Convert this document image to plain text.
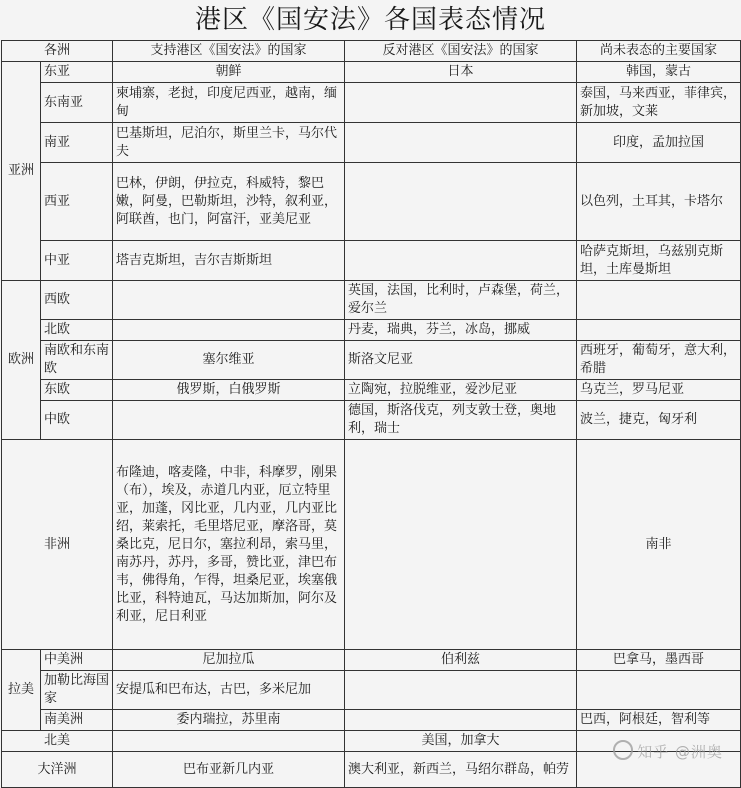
港区《国安法》各国表态情况
各洲		支持港区《国安法》的国家	反对港区《国安法》的国家	尚未表态的主要国家
亚洲	东亚	朝鲜	日本	韩国，蒙古
	东南亚	柬埔寨，老挝，印度尼西亚，越南，缅甸		泰国，马来西亚，菲律宾，新加坡，文莱
	南亚	巴基斯坦，尼泊尔，斯里兰卡，马尔代夫		印度，孟加拉国
	西亚	巴林，伊朗，伊拉克，科威特，黎巴嫩，阿曼，巴勒斯坦，沙特，叙利亚，阿联酋，也门，阿富汗，亚美尼亚		以色列，土耳其，卡塔尔
	中亚	塔吉克斯坦，吉尔吉斯斯坦		哈萨克斯坦，乌兹别克斯坦，土库曼斯坦
欧洲	西欧		英国，法国，比利时，卢森堡，荷兰，爱尔兰	
	北欧		丹麦，瑞典，芬兰，冰岛，挪威	
	南欧和东南欧	塞尔维亚	斯洛文尼亚	西班牙，葡萄牙，意大利，希腊
	东欧	俄罗斯，白俄罗斯	立陶宛，拉脱维亚，爱沙尼亚	乌克兰，罗马尼亚
	中欧		德国，斯洛伐克，列支敦士登，奥地利，瑞士	波兰，捷克，匈牙利
非洲		布隆迪，喀麦隆，中非，科摩罗，刚果（布），埃及，赤道几内亚，厄立特里亚，加蓬，冈比亚，几内亚，几内亚比绍，莱索托，毛里塔尼亚，摩洛哥，莫桑比克，尼日尔，塞拉利昂，索马里，南苏丹，苏丹，多哥，赞比亚，津巴布韦，佛得角，乍得，坦桑尼亚，埃塞俄比亚，科特迪瓦，马达加斯加，阿尔及利亚，尼日利亚		南非
拉美	中美洲	尼加拉瓜	伯利兹	巴拿马，墨西哥
	加勒比海国家	安提瓜和巴布达，古巴，多米尼加		
	南美洲	委内瑞拉，苏里南		巴西，阿根廷，智利等
北美			美国，加拿大	
大洋洲		巴布亚新几内亚	澳大利亚，新西兰，马绍尔群岛，帕劳	
知乎 @洲奥
